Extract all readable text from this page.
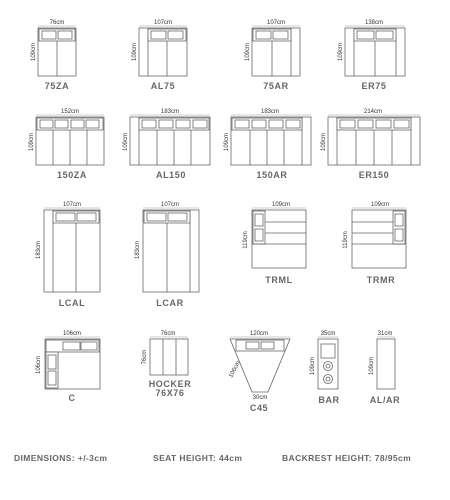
76cm
109cm
75ZA
107cm
109cm
AL75
107cm
109cm
75AR
138cm
109cm
ER75
152cm
109cm
150ZA
183cm
109cm
AL150
183cm
109cm
150AR
214cm
109cm
ER150
107cm
183cm
LCAL
107cm
183cm
LCAR
109cm
119cm
TRML
109cm
119cm
TRMR
106cm
106cm
C
76cm
76cm
HOCKER
76X76
120cm
106cm
30cm
C45
35cm
109cm
BAR
31cm
109cm
AL/AR
DIMENSIONS: +/-3cm	SEAT HEIGHT: 44cm	BACKREST HEIGHT: 78/95cm
